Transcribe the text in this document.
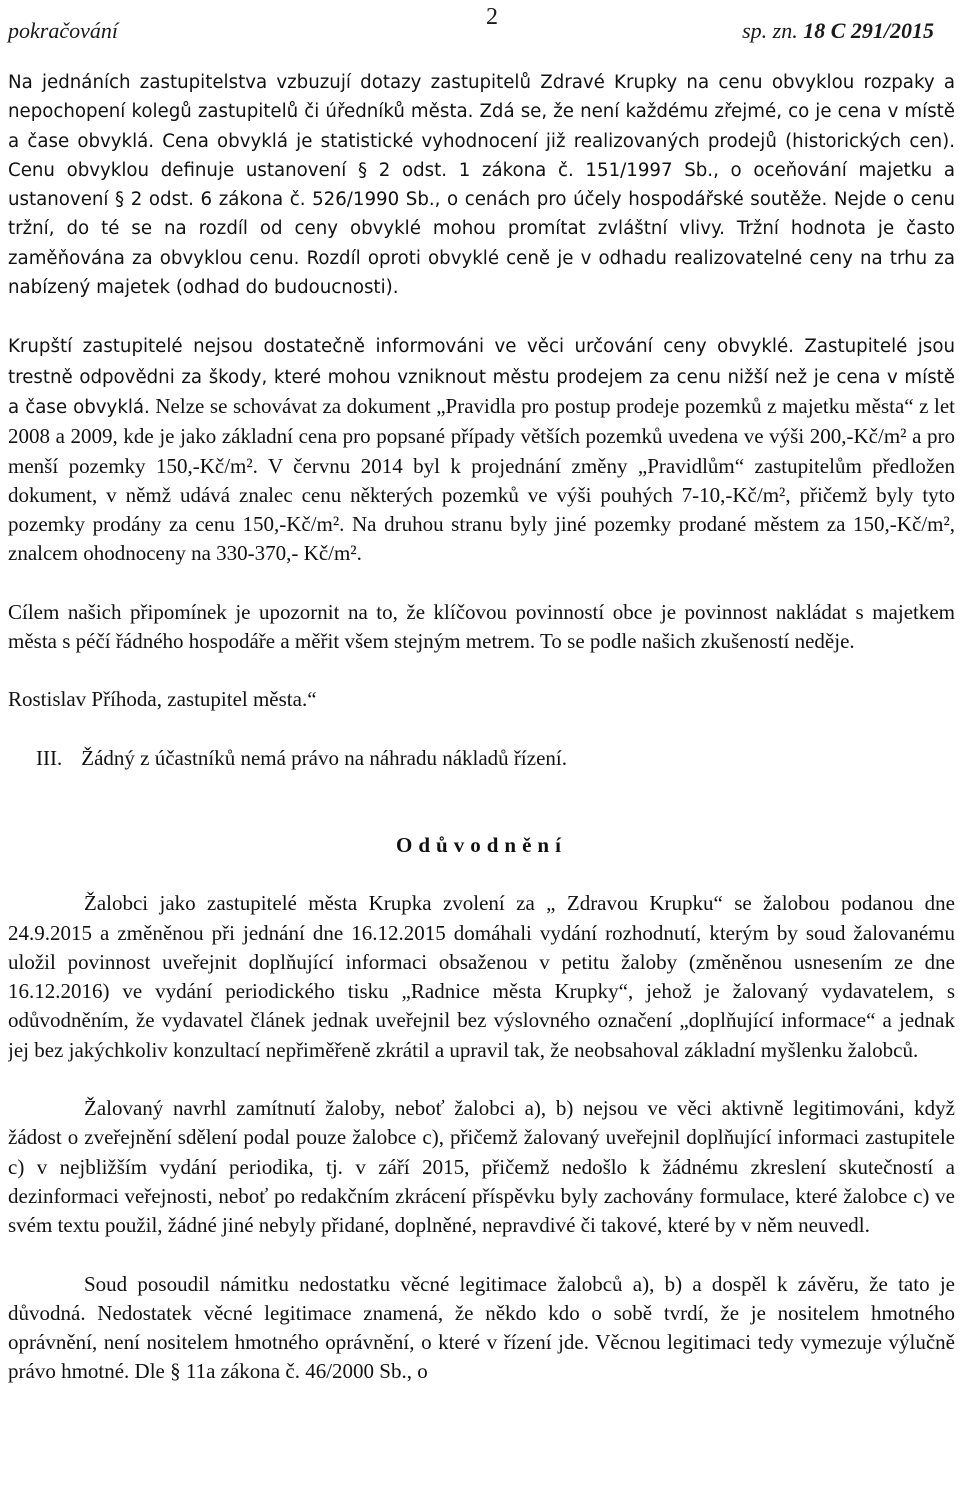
pokračování
2
sp. zn. 18 C 291/2015

Na jednáních zastupitelstva vzbuzují dotazy zastupitelů Zdravé Krupky na cenu obvyklou rozpaky a nepochopení kolegů zastupitelů či úředníků města. Zdá se, že není každému zřejmé, co je cena v místě a čase obvyklá. Cena obvyklá je statistické vyhodnocení již realizovaných prodejů (historických cen). Cenu obvyklou definuje ustanovení § 2 odst. 1 zákona č. 151/1997 Sb., o oceňování majetku a ustanovení § 2 odst. 6 zákona č. 526/1990 Sb., o cenách pro účely hospodářské soutěže. Nejde o cenu tržní, do té se na rozdíl od ceny obvyklé mohou promítat zvláštní vlivy. Tržní hodnota je často zaměňována za obvyklou cenu. Rozdíl oproti obvyklé ceně je v odhadu realizovatelné ceny na trhu za nabízený majetek (odhad do budoucnosti).

Krupští zastupitelé nejsou dostatečně informováni ve věci určování ceny obvyklé. Zastupitelé jsou trestně odpovědni za škody, které mohou vzniknout městu prodejem za cenu nižší než je cena v místě a čase obvyklá. Nelze se schovávat za dokument „Pravidla pro postup prodeje pozemků z majetku města“ z let 2008 a 2009, kde je jako základní cena pro popsané případy větších pozemků uvedena ve výši 200,-Kč/m² a pro menší pozemky 150,-Kč/m². V červnu 2014 byl k projednání změny „Pravidlům“ zastupitelům předložen dokument, v němž udává znalec cenu některých pozemků ve výši pouhých 7-10,-Kč/m², přičemž byly tyto pozemky prodány za cenu 150,-Kč/m². Na druhou stranu byly jiné pozemky prodané městem za 150,-Kč/m², znalcem ohodnoceny na 330-370,- Kč/m².

Cílem našich připomínek je upozornit na to, že klíčovou povinností obce je povinnost nakládat s majetkem města s péčí řádného hospodáře a měřit všem stejným metrem. To se podle našich zkušeností neděje.

Rostislav Příhoda, zastupitel města.“

III. Žádný z účastníků nemá právo na náhradu nákladů řízení.

Odůvodnění

Žalobci jako zastupitelé města Krupka zvolení za „ Zdravou Krupku“ se žalobou podanou dne 24.9.2015 a změněnou při jednání dne 16.12.2015 domáhali vydání rozhodnutí, kterým by soud žalovanému uložil povinnost uveřejnit doplňující informaci obsaženou v petitu žaloby (změněnou usnesením ze dne 16.12.2016) ve vydání periodického tisku „Radnice města Krupky“, jehož je žalovaný vydavatelem, s odůvodněním, že vydavatel článek jednak uveřejnil bez výslovného označení „doplňující informace“ a jednak jej bez jakýchkoliv konzultací nepřiměřeně zkrátil a upravil tak, že neobsahoval základní myšlenku žalobců.

Žalovaný navrhl zamítnutí žaloby, neboť žalobci a), b) nejsou ve věci aktivně legitimováni, když žádost o zveřejnění sdělení podal pouze žalobce c), přičemž žalovaný uveřejnil doplňující informaci zastupitele c) v nejbližším vydání periodika, tj. v září 2015, přičemž nedošlo k žádnému zkreslení skutečností a dezinformaci veřejnosti, neboť po redakčním zkrácení příspěvku byly zachovány formulace, které žalobce c) ve svém textu použil, žádné jiné nebyly přidané, doplněné, nepravdivé či takové, které by v něm neuvedl.

Soud posoudil námitku nedostatku věcné legitimace žalobců a), b) a dospěl k závěru, že tato je důvodná. Nedostatek věcné legitimace znamená, že někdo kdo o sobě tvrdí, že je nositelem hmotného oprávnění, není nositelem hmotného oprávnění, o které v řízení jde. Věcnou legitimaci tedy vymezuje výlučně právo hmotné. Dle § 11a zákona č. 46/2000 Sb., o
